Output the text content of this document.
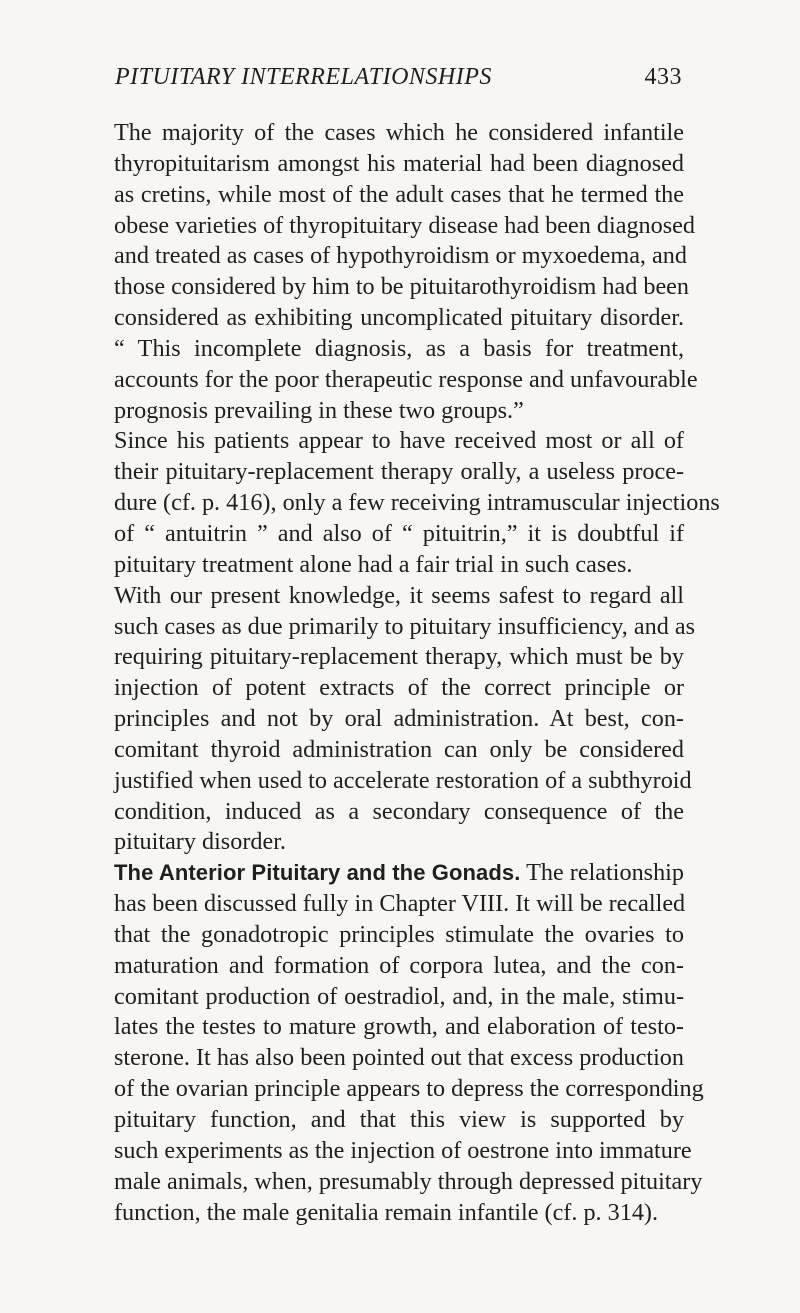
PITUITARY INTERRELATIONSHIPS	433
The majority of the cases which he considered infantile
thyropituitarism amongst his material had been diagnosed
as cretins, while most of the adult cases that he termed the
obese varieties of thyropituitary disease had been diagnosed
and treated as cases of hypothyroidism or myxoedema, and
those considered by him to be pituitarothyroidism had been
considered as exhibiting uncomplicated pituitary disorder.
“ This incomplete diagnosis, as a basis for treatment,
accounts for the poor therapeutic response and unfavourable
prognosis prevailing in these two groups.”
Since his patients appear to have received most or all of
their pituitary-replacement therapy orally, a useless proce-
dure (cf. p. 416), only a few receiving intramuscular injections
of “ antuitrin ” and also of “ pituitrin,” it is doubtful if
pituitary treatment alone had a fair trial in such cases.
With our present knowledge, it seems safest to regard all
such cases as due primarily to pituitary insufficiency, and as
requiring pituitary-replacement therapy, which must be by
injection of potent extracts of the correct principle or
principles and not by oral administration. At best, con-
comitant thyroid administration can only be considered
justified when used to accelerate restoration of a subthyroid
condition, induced as a secondary consequence of the
pituitary disorder.
The Anterior Pituitary and the Gonads. The relationship
has been discussed fully in Chapter VIII. It will be recalled
that the gonadotropic principles stimulate the ovaries to
maturation and formation of corpora lutea, and the con-
comitant production of oestradiol, and, in the male, stimu-
lates the testes to mature growth, and elaboration of testo-
sterone. It has also been pointed out that excess production
of the ovarian principle appears to depress the corresponding
pituitary function, and that this view is supported by
such experiments as the injection of oestrone into immature
male animals, when, presumably through depressed pituitary
function, the male genitalia remain infantile (cf. p. 314).
